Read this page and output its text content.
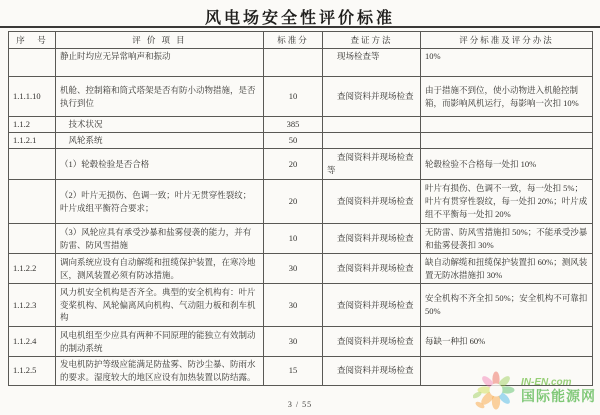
风电场安全性评价标准
序　号	评 价 项 目	标准分	查证方法	评分标准及评分办法
	静止时均应无异常响声和振动		现场检查等	10%
1.1.1.10	机舱、控制箱和筒式塔架是否有防小动物措施，是否执行到位	10	查阅资料并现场检查	由于措施不到位，使小动物进入机舱控制箱，而影响风机运行，每影响一次扣 10%
1.1.2	　技术状况	385		
1.1.2.1	　风轮系统	50		
	（1）轮毂检验是否合格	20	查阅资料并现场检查等	轮毂检验不合格每一处扣 10%
	（2）叶片无损伤、色调一致；叶片无贯穿性裂纹；叶片成组平衡符合要求；	20	查阅资料并现场检查	叶片有损伤、色调不一致，每一处扣 5%；叶片有贯穿性裂纹，每一处扣 20%；叶片成组不平衡每一处扣 20%
	（3）风轮应具有承受沙暴和盐雾侵袭的能力，并有防雷、防风雪措施	10	查阅资料并现场检查	无防雷、防风雪措施扣 50%；不能承受沙暴和盐雾侵袭扣 30%
1.1.2.2	调向系统应设有自动解缆和扭缆保护装置，在寒冷地区，测风装置必须有防冰措施。	30	查阅资料并现场检查	缺自动解缆和扭缆保护装置扣 60%；测风装置无防冰措施扣 30%
1.1.2.3	风力机安全机构是否齐全。典型的安全机构有：叶片变桨机构、风轮偏离风向机构、气动阻力板和刹车机构	30	查阅资料并现场检查	安全机构不齐全扣 50%；安全机构不可靠扣 50%
1.1.2.4	风电机组至少应具有两种不同原理的能独立有效制动的制动系统	30	查阅资料并现场检查	每缺一种扣 60%
1.1.2.5	发电机防护等级应能满足防盐雾、防沙尘暴、防雨水的要求。湿度较大的地区应设有加热装置以防结露。	15	查阅资料并现场检查	
3 / 55
IN-EN.com
国际能源网
